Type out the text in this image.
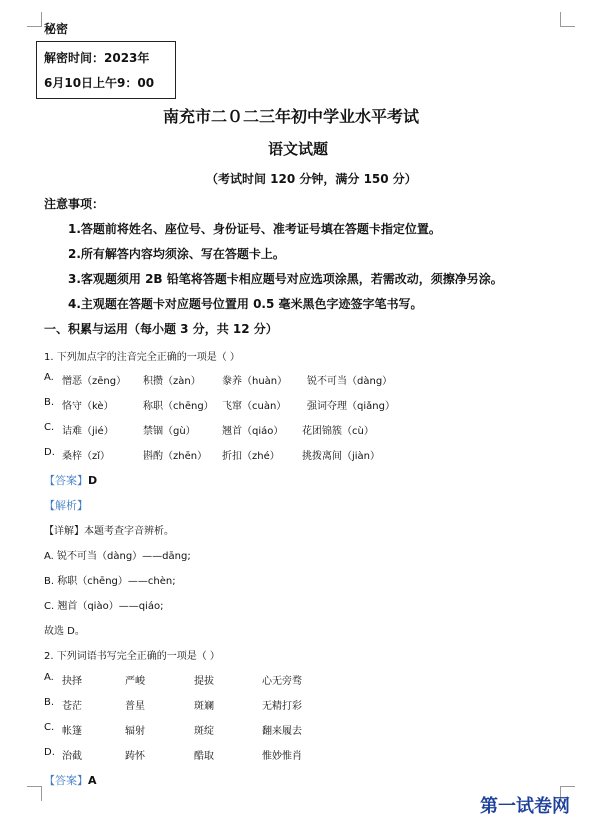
秘密
解密时间：2023年
6月10日上午9：00
南充市二０二三年初中学业水平考试
语文试题
（考试时间 120 分钟，满分 150 分）
注意事项：
1.答题前将姓名、座位号、身份证号、准考证号填在答题卡指定位置。
2.所有解答内容均须涂、写在答题卡上。
3.客观题须用 2B 铅笔将答题卡相应题号对应选项涂黑，若需改动，须擦净另涂。
4.主观题在答题卡对应题号位置用 0.5 毫米黑色字迹签字笔书写。
一、积累与运用（每小题 3 分，共 12 分）
1. 下列加点字的注音完全正确的一项是（ ）
A. 憎恶（zēng） 积攒（zàn） 豢养（huàn） 锐不可当（dàng）
B. 恪守（kè）	称职（chēng） 飞窜（cuàn） 强词夺理（qiǎng）
C. 诘难（jié）	禁锢（gù）	翘首（qiáo） 花团锦簇（cù）
D. 桑梓（zǐ）	斟酌（zhēn） 折扣（zhé） 挑拨离间（jiàn）
【答案】D
【解析】
【详解】本题考查字音辨析。
A. 锐不可当（dàng）——dāng;
B. 称职（chēng）——chèn;
C. 翘首（qiào）——qiáo;
故选 D。
2. 下列词语书写完全正确的一项是（ ）
A. 抉择	严峻	提拔	心无旁骛
B. 苍茫	普星	斑斓	无精打彩
C. 帐篷	辐射	斑绽	翻来履去
D. 治截	踌怀	酷取	惟妙惟肖
【答案】A
第一试卷网
